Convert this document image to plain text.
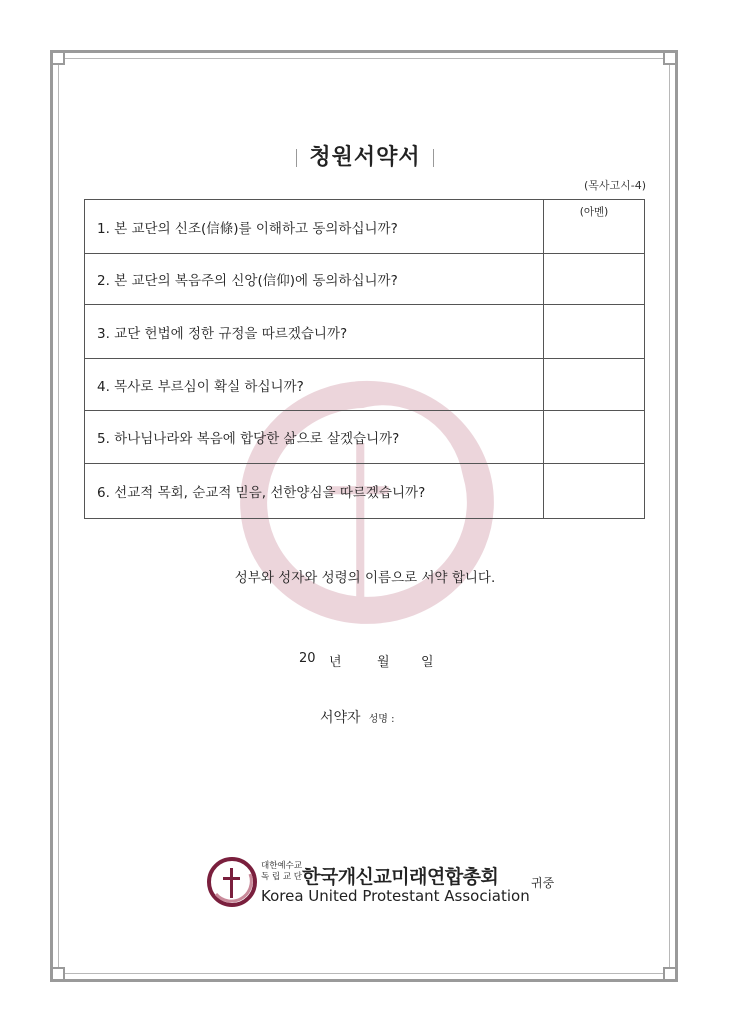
청원서약서
(목사고시-4)
1. 본 교단의 신조(信條)를 이해하고 동의하십니까?	(아멘)

2. 본 교단의 복음주의 신앙(信仰)에 동의하십니까?	
3. 교단 헌법에 정한 규정을 따르겠습니까?	
4. 목사로 부르심이 확실 하십니까?	
5. 하나님나라와 복음에 합당한 삶으로 살겠습니까?	
6. 선교적 목회, 순교적 믿음, 선한양심을 따르겠습니까?	
성부와 성자와 성령의 이름으로 서약 합니다.
20 년	월 일
서약자 성명 :
대한예수교
독 립 교 단 한국개신교미래연합총회
Korea United Protestant Association
귀중
